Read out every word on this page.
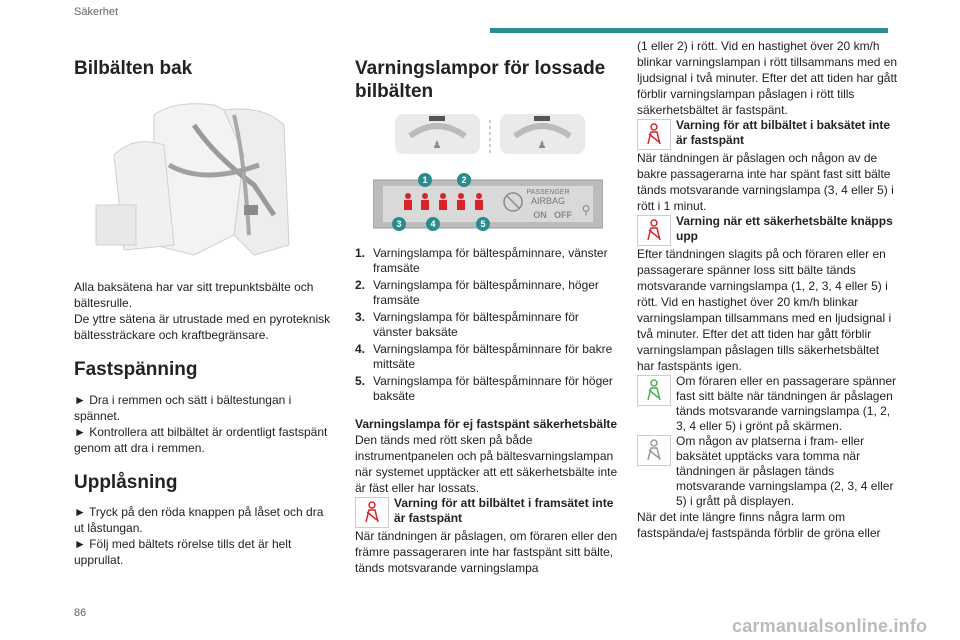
Säkerhet
Bilbälten bak

Alla baksätena har var sitt trepunktsbälte och bältesrulle.

De yttre sätena är utrustade med en pyroteknisk bältessträckare och kraftbegränsare.

Fastspänning

► Dra i remmen och sätt i bältestungan i spännet.

► Kontrollera att bilbältet är ordentligt fastspänt genom att dra i remmen.

Upplåsning

► Tryck på den röda knappen på låset och dra ut låstungan.

► Följ med bältets rörelse tills det är helt upprullat.

Varningslampor för lossade bilbälten
♟	♟
PASSENGER
AIRBAG
ON OFF ⚲
1	2
3	4	5
1. Varningslampa för bältespåminnare, vänster framsäte
2. Varningslampa för bältespåminnare, höger framsäte
3. Varningslampa för bältespåminnare för vänster baksäte
4. Varningslampa för bältespåminnare för bakre mittsäte
5. Varningslampa för bältespåminnare för höger baksäte

Varningslampa för ej fastspänt säkerhetsbälte

Den tänds med rött sken på både instrumentpanelen och på bältesvarningslampan när systemet upptäcker att ett säkerhetsbälte inte är fäst eller har lossats.

Varning för att bilbältet i framsätet inte är fastspänt

När tändningen är påslagen, om föraren eller den främre passageraren inte har fastspänt sitt bälte, tänds motsvarande varningslampa

(1 eller 2) i rött. Vid en hastighet över 20 km/h blinkar varningslampan i rött tillsammans med en ljudsignal i två minuter. Efter det att tiden har gått förblir varningslampan påslagen i rött tills säkerhetsbältet är fastspänt.

Varning för att bilbältet i baksätet inte är fastspänt

När tändningen är påslagen och någon av de bakre passagerarna inte har spänt fast sitt bälte tänds motsvarande varningslampa (3, 4 eller 5) i rött i 1 minut.

Varning när ett säkerhetsbälte knäpps upp

Efter tändningen slagits på och föraren eller en passagerare spänner loss sitt bälte tänds motsvarande varningslampa (1, 2, 3, 4 eller 5) i rött. Vid en hastighet över 20 km/h blinkar varningslampan tillsammans med en ljudsignal i två minuter. Efter det att tiden har gått förblir varningslampan påslagen tills säkerhetsbältet har fastspänts igen.

Om föraren eller en passagerare spänner fast sitt bälte när tändningen är påslagen tänds motsvarande varningslampa (1, 2, 3, 4 eller 5) i grönt på skärmen.
Om någon av platserna i fram- eller baksätet upptäcks vara tomma när tändningen är påslagen tänds motsvarande varningslampa (2, 3, 4 eller 5) i grått på displayen.

När det inte längre finns några larm om fastspända/ej fastspända förblir de gröna eller

86
carmanualsonline.info
